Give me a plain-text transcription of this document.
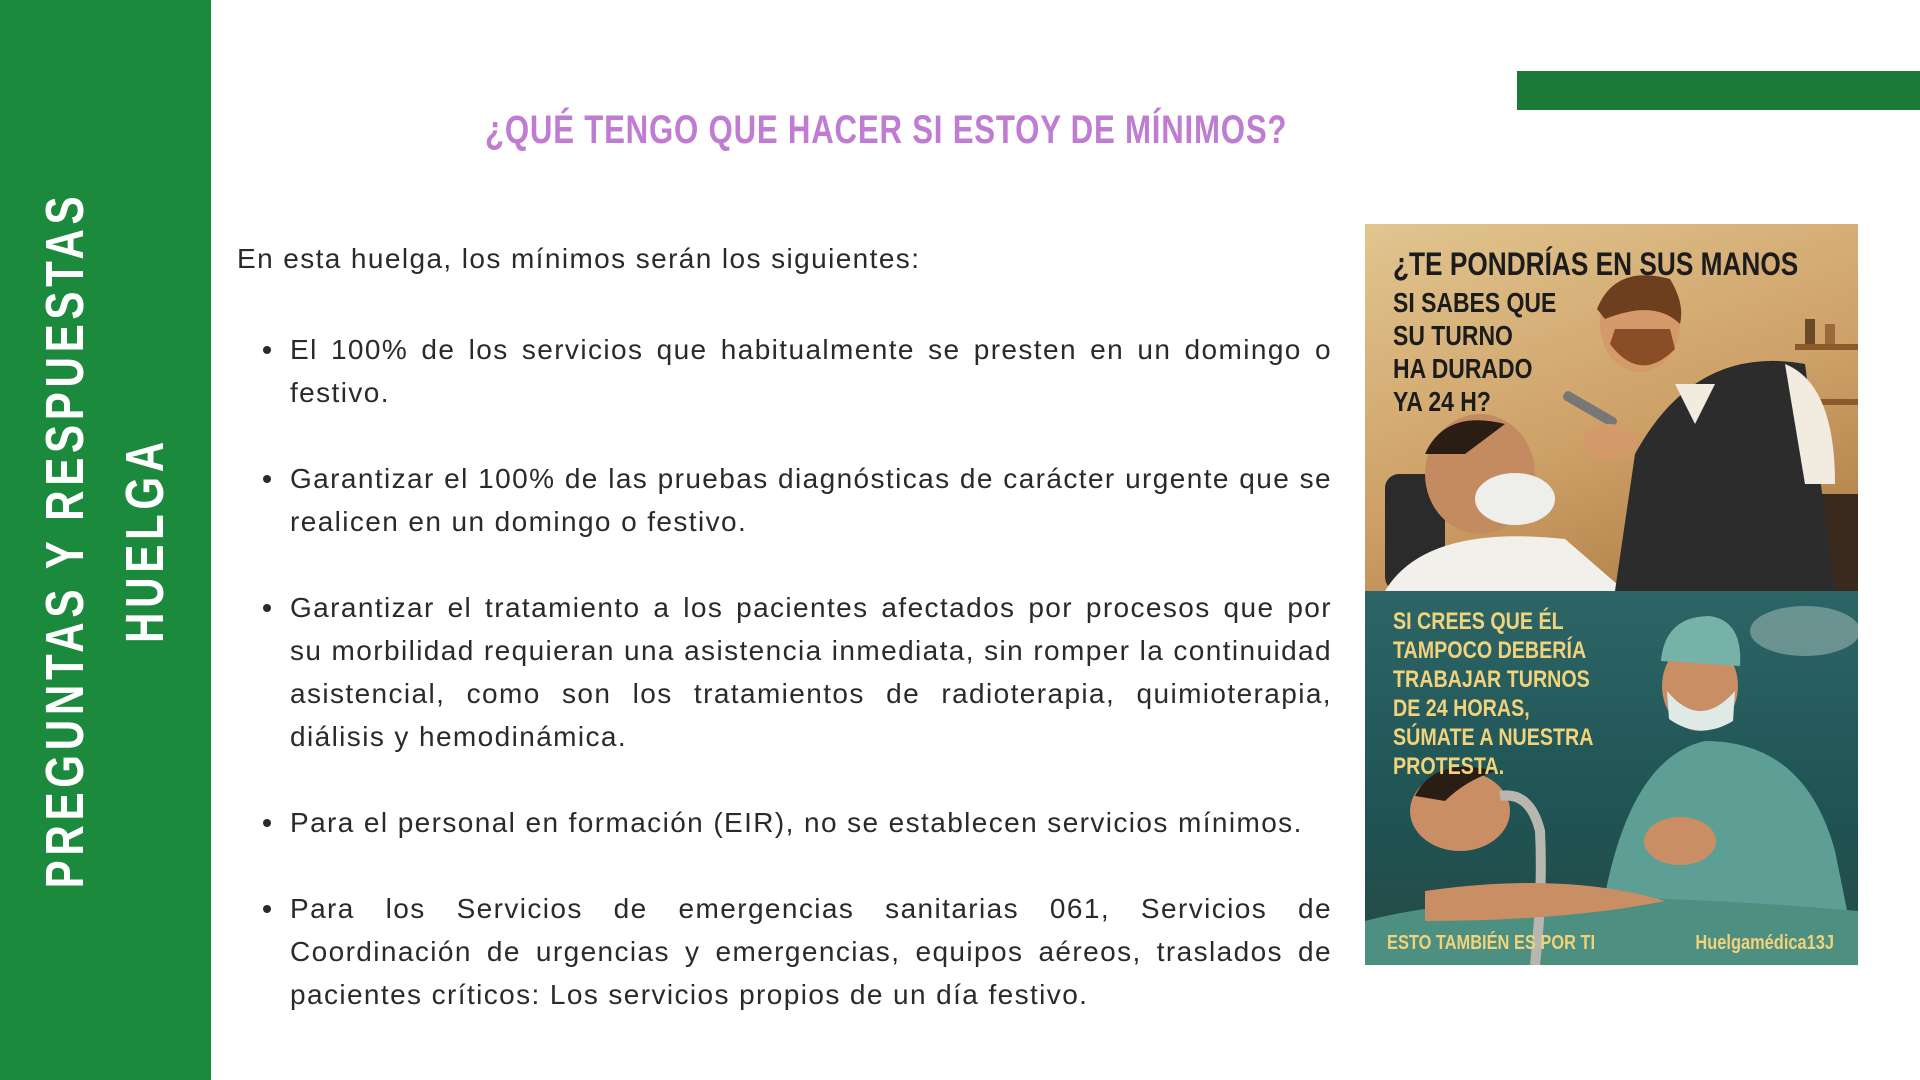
PREGUNTAS Y RESPUESTAS HUELGA
¿QUÉ TENGO QUE HACER SI ESTOY DE MÍNIMOS?

En esta huelga, los mínimos serán los siguientes:

El 100% de los servicios que habitualmente se presten en un domingo o festivo.
Garantizar el 100% de las pruebas diagnósticas de carácter urgente que se realicen en un domingo o festivo.
Garantizar el tratamiento a los pacientes afectados por procesos que por su morbilidad requieran una asistencia inmediata, sin romper la continuidad asistencial, como son los tratamientos de radioterapia, quimioterapia, diálisis y hemodinámica.
Para el personal en formación (EIR), no se establecen servicios mínimos.
Para los Servicios de emergencias sanitarias 061, Servicios de Coordinación de urgencias y emergencias, equipos aéreos, traslados de pacientes críticos: Los servicios propios de un día festivo.
¿TE PONDRÍAS EN SUS MANOS
SI SABES QUE
SU TURNO
HA DURADO
YA 24 H?
SI CREES QUE ÉL
TAMPOCO DEBERÍA
TRABAJAR TURNOS
DE 24 HORAS,
SÚMATE A NUESTRA
PROTESTA.
ESTO TAMBIÉN ES POR TI	Huelgamédica13J
